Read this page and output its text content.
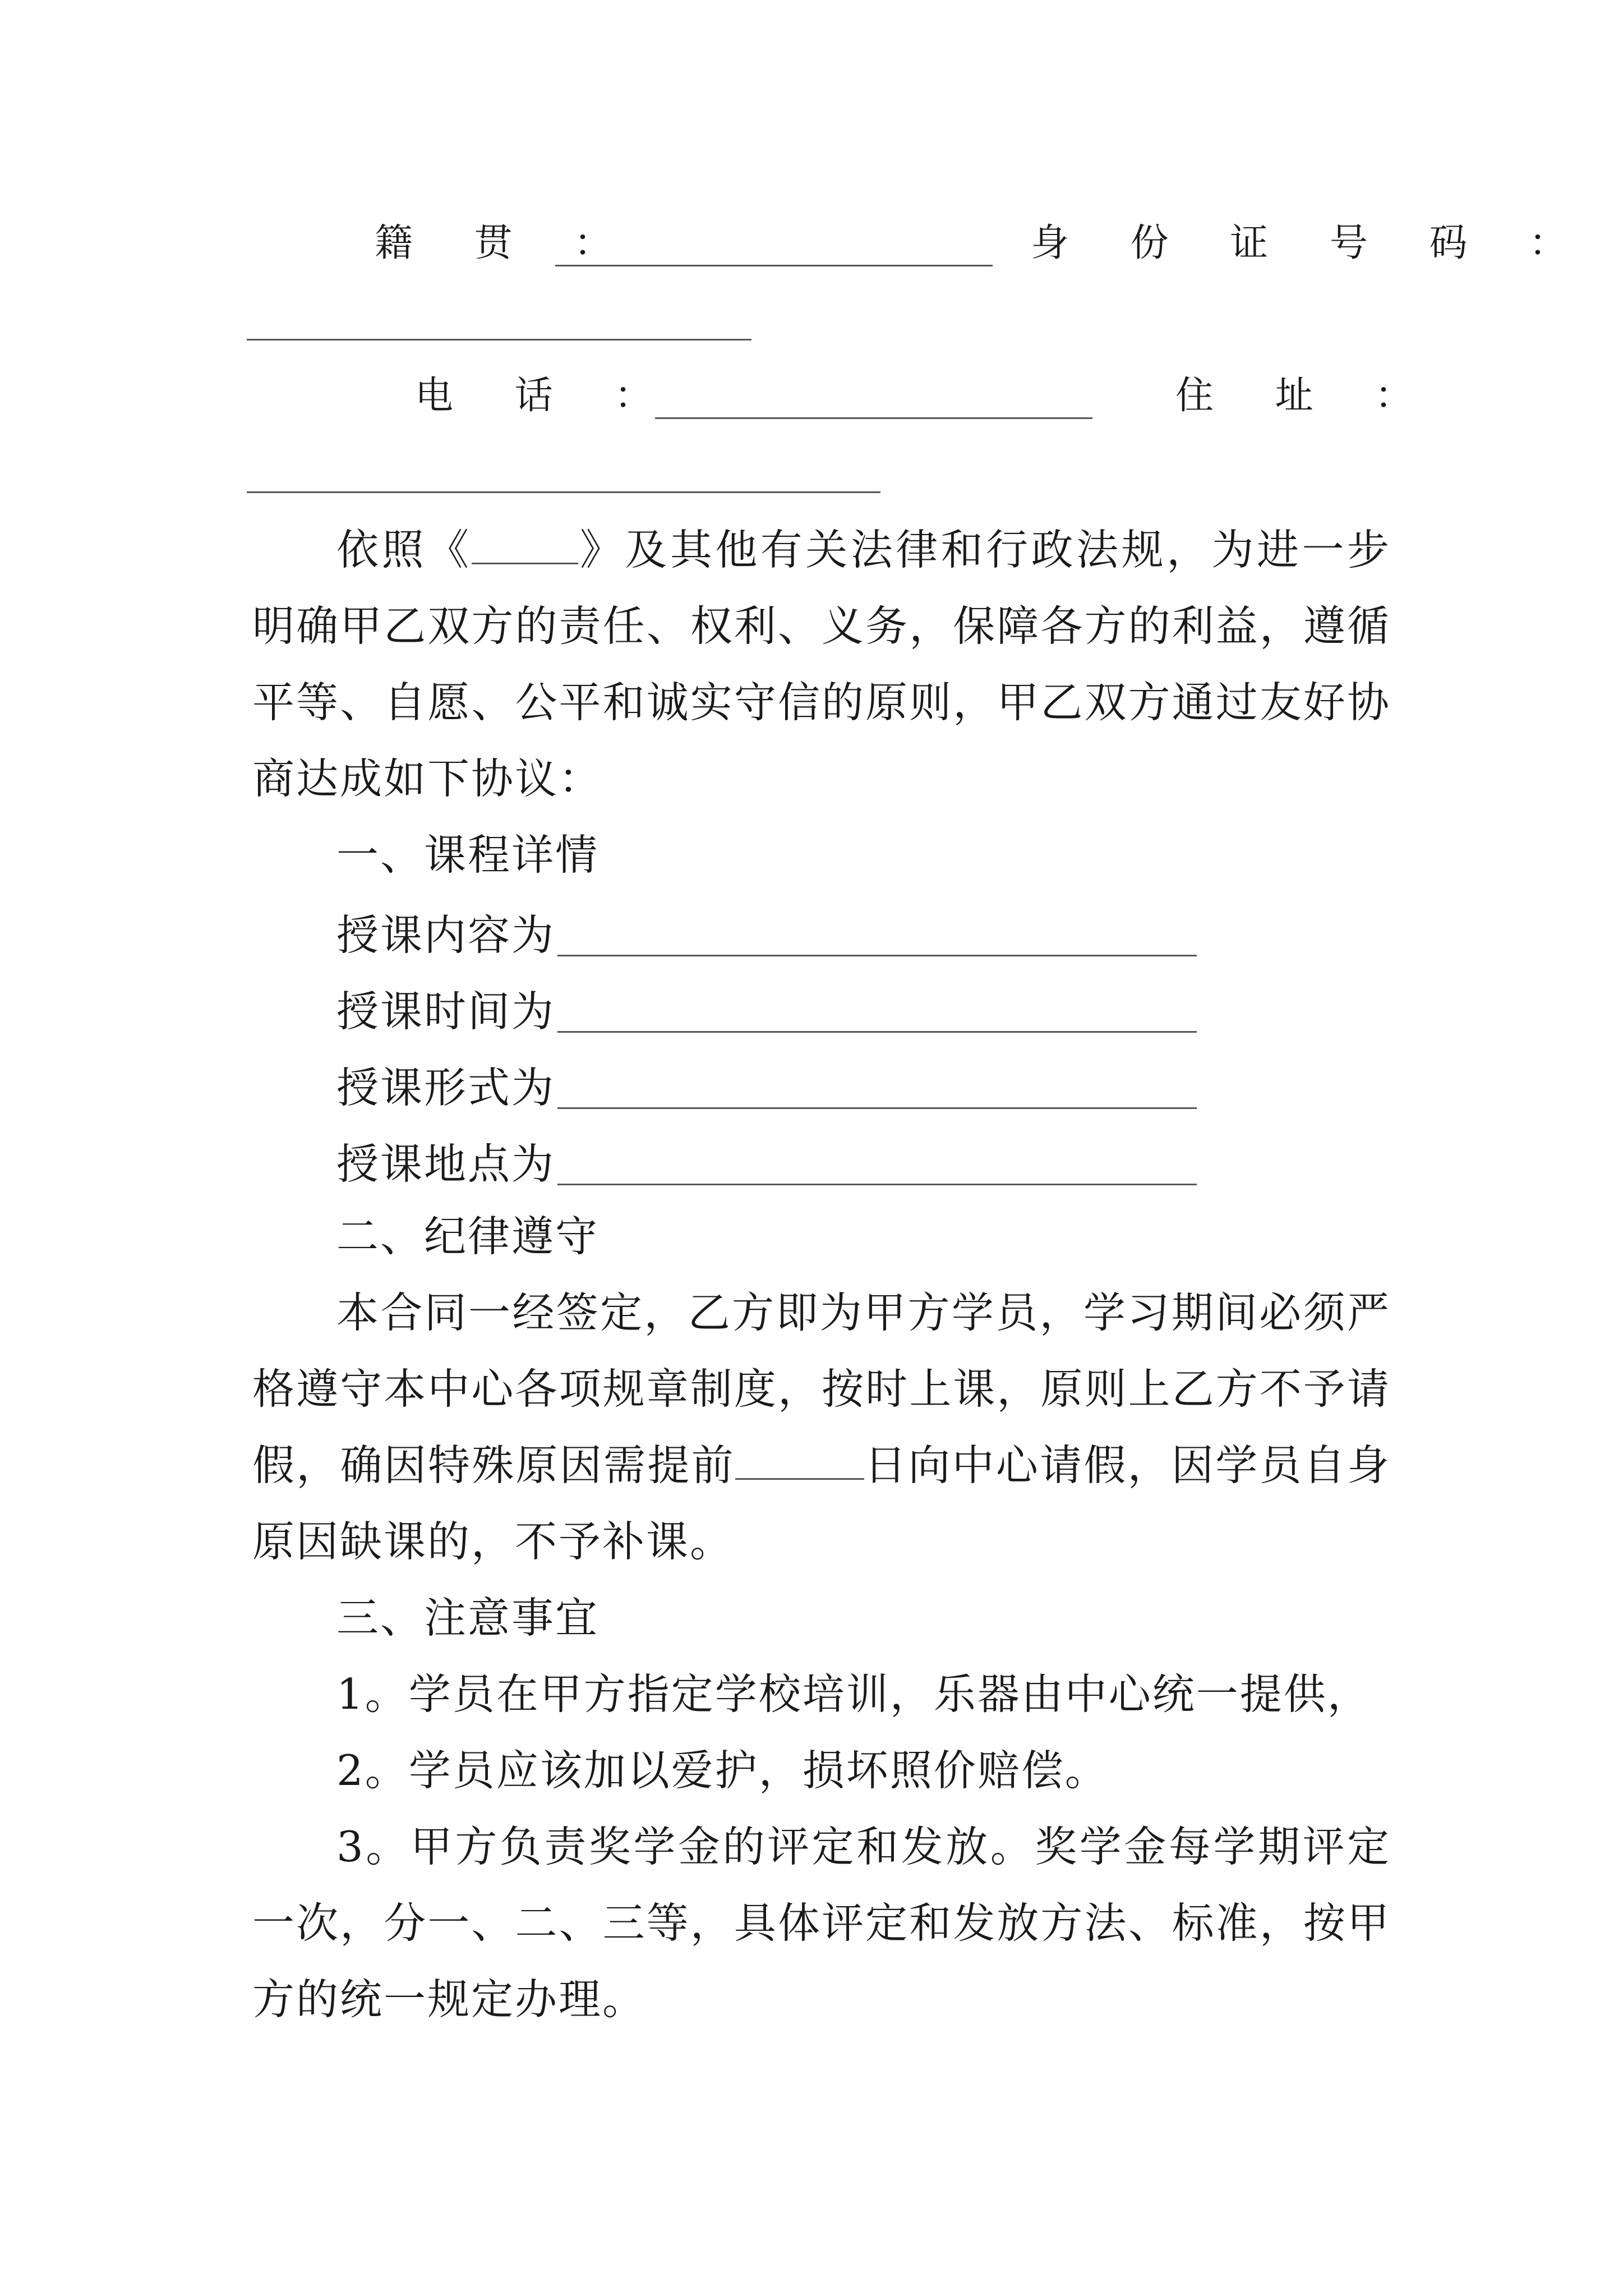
籍 贯 ：	身 份 证 号 码 ：
电 话 ：	住 址 ：
依照《	》及其他有关法律和行政法规，为进一步明确甲乙双方的责任、权利、义务，保障各方的利益，遵循平等、自愿、公平和诚实守信的原则，甲乙双方通过友好协商达成如下协议：
一、课程详情
授课内容为
授课时间为
授课形式为
授课地点为
二、纪律遵守
本合同一经签定，乙方即为甲方学员，学习期间必须严格遵守本中心各项规章制度，按时上课，原则上乙方不予请假，确因特殊原因需提前	日向中心请假，因学员自身原因缺课的，不予补课。
三、注意事宜
1。学员在甲方指定学校培训，乐器由中心统一提供，
2。学员应该加以爱护，损坏照价赔偿。
3。甲方负责奖学金的评定和发放。奖学金每学期评定一次，分一、二、三等，具体评定和发放方法、标准，按甲方的统一规定办理。
